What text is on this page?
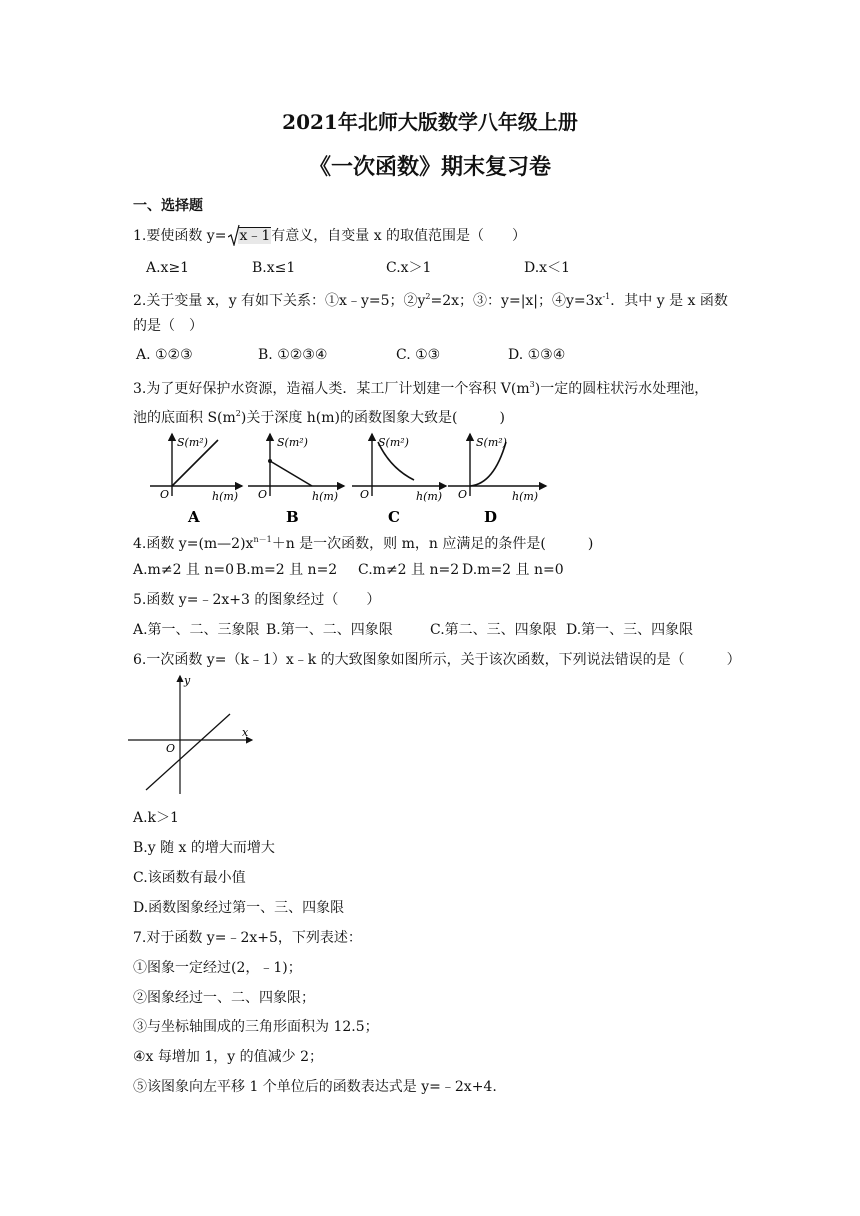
2021年北师大版数学八年级上册
《一次函数》期末复习卷
一、选择题
1.要使函数 y= x﹣1有意义，自变量 x 的取值范围是（　　）
A.x≥1	B.x≤1	C.x＞1	D.x＜1
2.关于变量 x，y 有如下关系：①x﹣y=5；$②y^2=2x$；③：y=|x|；$④y=3x^{-1}$．其中 y 是 x 函数
的是（　）
A. ①②③	B. ①②③④	C. ①③	D. ①③④
3.为了更好保护水资源，造福人类．某工厂计划建一个容积 $V(m^3)$一定的圆柱状污水处理池，
池的底面积 $S(m^2)$关于深度 h(m)的函数图象大致是(　　　)
S(m²)
O	h(m)
A
S(m²)
O	h(m)
B
S(m²)
O	h(m)
C
S(m²)
O	h(m)
D
4.函数 $y=(m—2)x^{n-1}+n$ 是一次函数，则 m，n 应满足的条件是(　　　)
A.m≠2 且 n=0 B.m=2 且 n=2 C.m≠2 且 n=2 D.m=2 且 n=0
5.函数 y=﹣2x+3 的图象经过（　　）
A.第一、二、三象限 B.第一、二、四象限	C.第二、三、四象限 D.第一、三、四象限
6.一次函数 y=（k﹣1）x﹣k 的大致图象如图所示，关于该次函数，下列说法错误的是（　　　）
y
x
O
A.k＞1
B.y 随 x 的增大而增大
C.该函数有最小值
D.函数图象经过第一、三、四象限
7.对于函数 y=﹣2x+5，下列表述：
①图象一定经过(2，﹣1)；
②图象经过一、二、四象限；
③与坐标轴围成的三角形面积为 12.5；
④x 每增加 1，y 的值减少 2；
⑤该图象向左平移 1 个单位后的函数表达式是 y=﹣2x+4.
